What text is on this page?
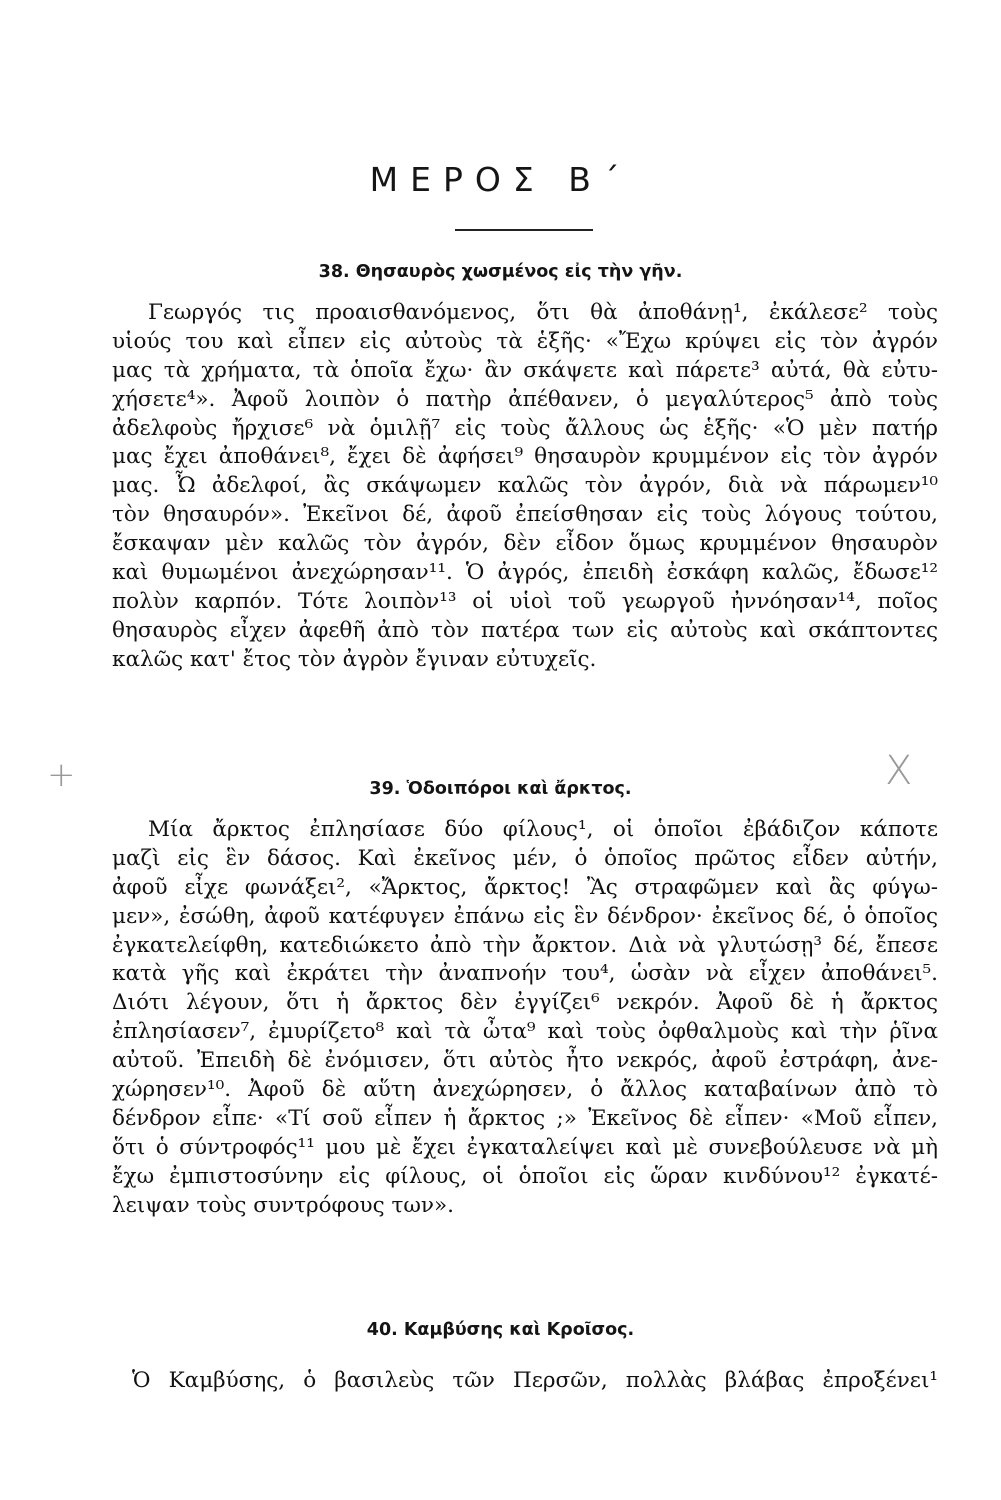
ΜΕΡΟΣ Β΄
+	X
38. Θησαυρὸς χωσμένος εἰς τὴν γῆν.
Γεωργός τις προαισθανόμενος, ὅτι θὰ ἀποθάνῃ¹, ἐκάλεσε² τοὺς
υἱούς του καὶ εἶπεν εἰς αὐτοὺς τὰ ἑξῆς· «Ἔχω κρύψει εἰς τὸν ἀγρόν
μας τὰ χρήματα, τὰ ὁποῖα ἔχω· ἂν σκάψετε καὶ πάρετε³ αὐτά, θὰ εὐτυ-
χήσετε⁴». Ἀφοῦ λοιπὸν ὁ πατὴρ ἀπέθανεν, ὁ μεγαλύτερος⁵ ἀπὸ τοὺς
ἀδελφοὺς ἤρχισε⁶ νὰ ὁμιλῇ⁷ εἰς τοὺς ἄλλους ὡς ἑξῆς· «Ὁ μὲν πατήρ
μας ἔχει ἀποθάνει⁸, ἔχει δὲ ἀφήσει⁹ θησαυρὸν κρυμμένον εἰς τὸν ἀγρόν
μας. Ὦ ἀδελφοί, ἂς σκάψωμεν καλῶς τὸν ἀγρόν, διὰ νὰ πάρωμεν¹⁰
τὸν θησαυρόν». Ἐκεῖνοι δέ, ἀφοῦ ἐπείσθησαν εἰς τοὺς λόγους τούτου,
ἔσκαψαν μὲν καλῶς τὸν ἀγρόν, δὲν εἶδον ὅμως κρυμμένον θησαυρὸν
καὶ θυμωμένοι ἀνεχώρησαν¹¹. Ὁ ἀγρός, ἐπειδὴ ἐσκάφη καλῶς, ἔδωσε¹²
πολὺν καρπόν. Τότε λοιπὸν¹³ οἱ υἱοὶ τοῦ γεωργοῦ ἠννόησαν¹⁴, ποῖος
θησαυρὸς εἶχεν ἀφεθῆ ἀπὸ τὸν πατέρα των εἰς αὐτοὺς καὶ σκάπτοντες
καλῶς κατ' ἔτος τὸν ἀγρὸν ἔγιναν εὐτυχεῖς.
39. Ὁδοιπόροι καὶ ἄρκτος.
Μία ἄρκτος ἐπλησίασε δύο φίλους¹, οἱ ὁποῖοι ἐβάδιζον κάποτε
μαζὶ εἰς ἓν δάσος. Καὶ ἐκεῖνος μέν, ὁ ὁποῖος πρῶτος εἶδεν αὐτήν,
ἀφοῦ εἶχε φωνάξει², «Ἄρκτος, ἄρκτος! Ἂς στραφῶμεν καὶ ἂς φύγω-
μεν», ἐσώθη, ἀφοῦ κατέφυγεν ἐπάνω εἰς ἓν δένδρον· ἐκεῖνος δέ, ὁ ὁποῖος
ἐγκατελείφθη, κατεδιώκετο ἀπὸ τὴν ἄρκτον. Διὰ νὰ γλυτώσῃ³ δέ, ἔπεσε
κατὰ γῆς καὶ ἐκράτει τὴν ἀναπνοήν του⁴, ὡσὰν νὰ εἶχεν ἀποθάνει⁵.
Διότι λέγουν, ὅτι ἡ ἄρκτος δὲν ἐγγίζει⁶ νεκρόν. Ἀφοῦ δὲ ἡ ἄρκτος
ἐπλησίασεν⁷, ἐμυρίζετο⁸ καὶ τὰ ὦτα⁹ καὶ τοὺς ὀφθαλμοὺς καὶ τὴν ῥῖνα
αὐτοῦ. Ἐπειδὴ δὲ ἐνόμισεν, ὅτι αὐτὸς ἦτο νεκρός, ἀφοῦ ἐστράφη, ἀνε-
χώρησεν¹⁰. Ἀφοῦ δὲ αὕτη ἀνεχώρησεν, ὁ ἄλλος καταβαίνων ἀπὸ τὸ
δένδρον εἶπε· «Τί σοῦ εἶπεν ἡ ἄρκτος ;» Ἐκεῖνος δὲ εἶπεν· «Μοῦ εἶπεν,
ὅτι ὁ σύντροφός¹¹ μου μὲ ἔχει ἐγκαταλείψει καὶ μὲ συνεβούλευσε νὰ μὴ
ἔχω ἐμπιστοσύνην εἰς φίλους, οἱ ὁποῖοι εἰς ὥραν κινδύνου¹² ἐγκατέ-
λειψαν τοὺς συντρόφους των».
40. Καμβύσης καὶ Κροῖσος.
Ὁ Καμβύσης, ὁ βασιλεὺς τῶν Περσῶν, πολλὰς βλάβας ἐπροξένει¹
